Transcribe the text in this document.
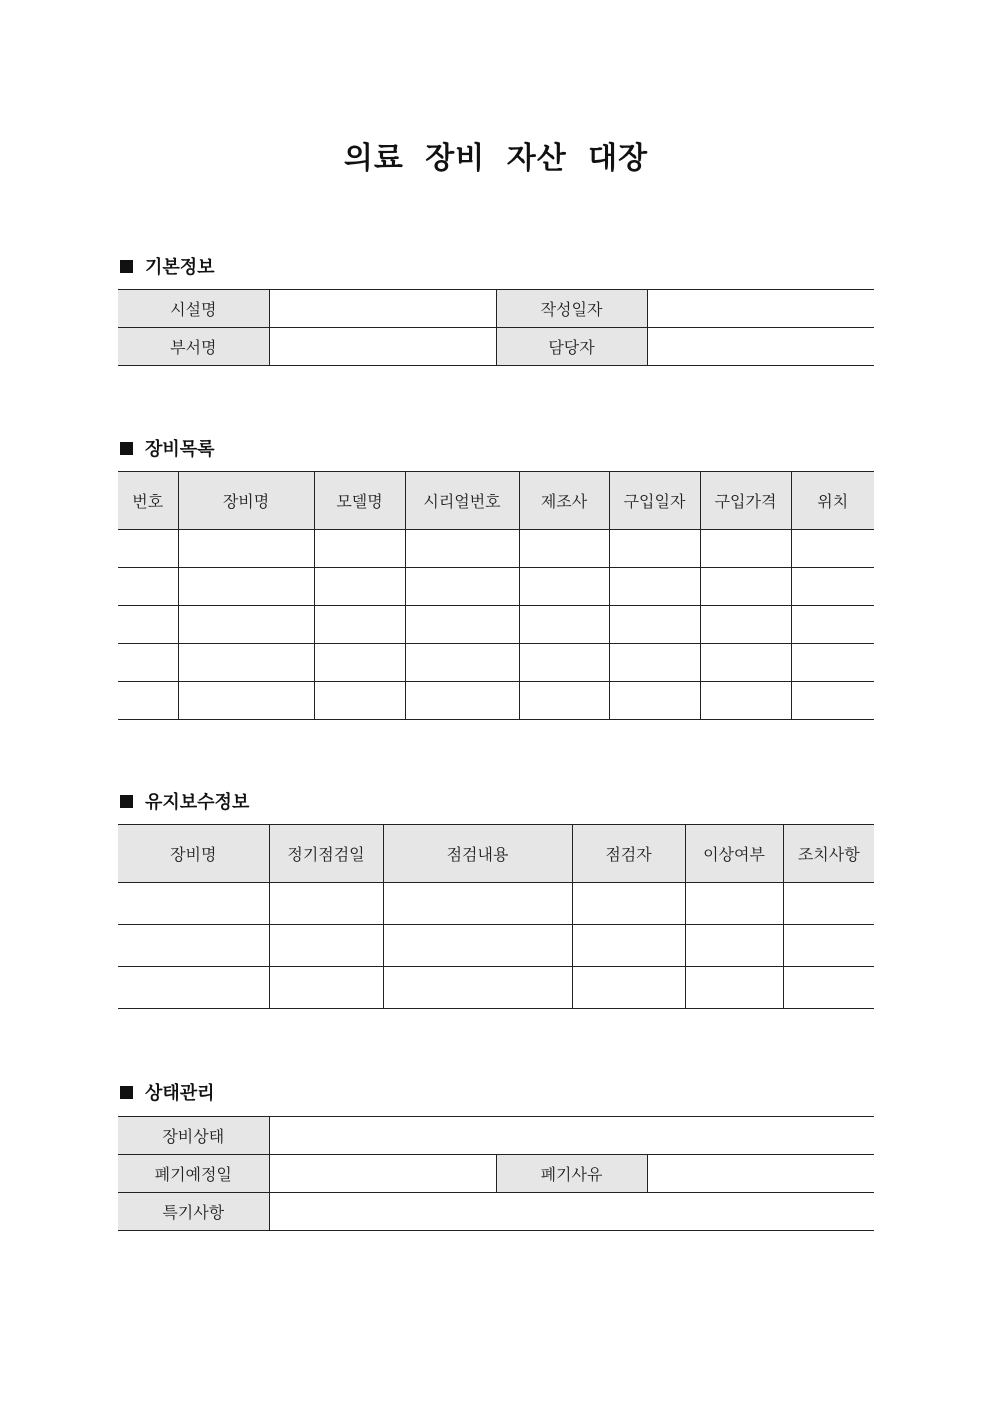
의료 장비 자산 대장
기본정보
시설명		작성일자	
부서명		담당자	
장비목록
번호	장비명	모델명	시리얼번호	제조사	구입일자	구입가격	위치

유지보수정보
장비명	정기점검일	점검내용	점검자	이상여부	조치사항

상태관리
장비상태			
폐기예정일		폐기사유	
특기사항			
